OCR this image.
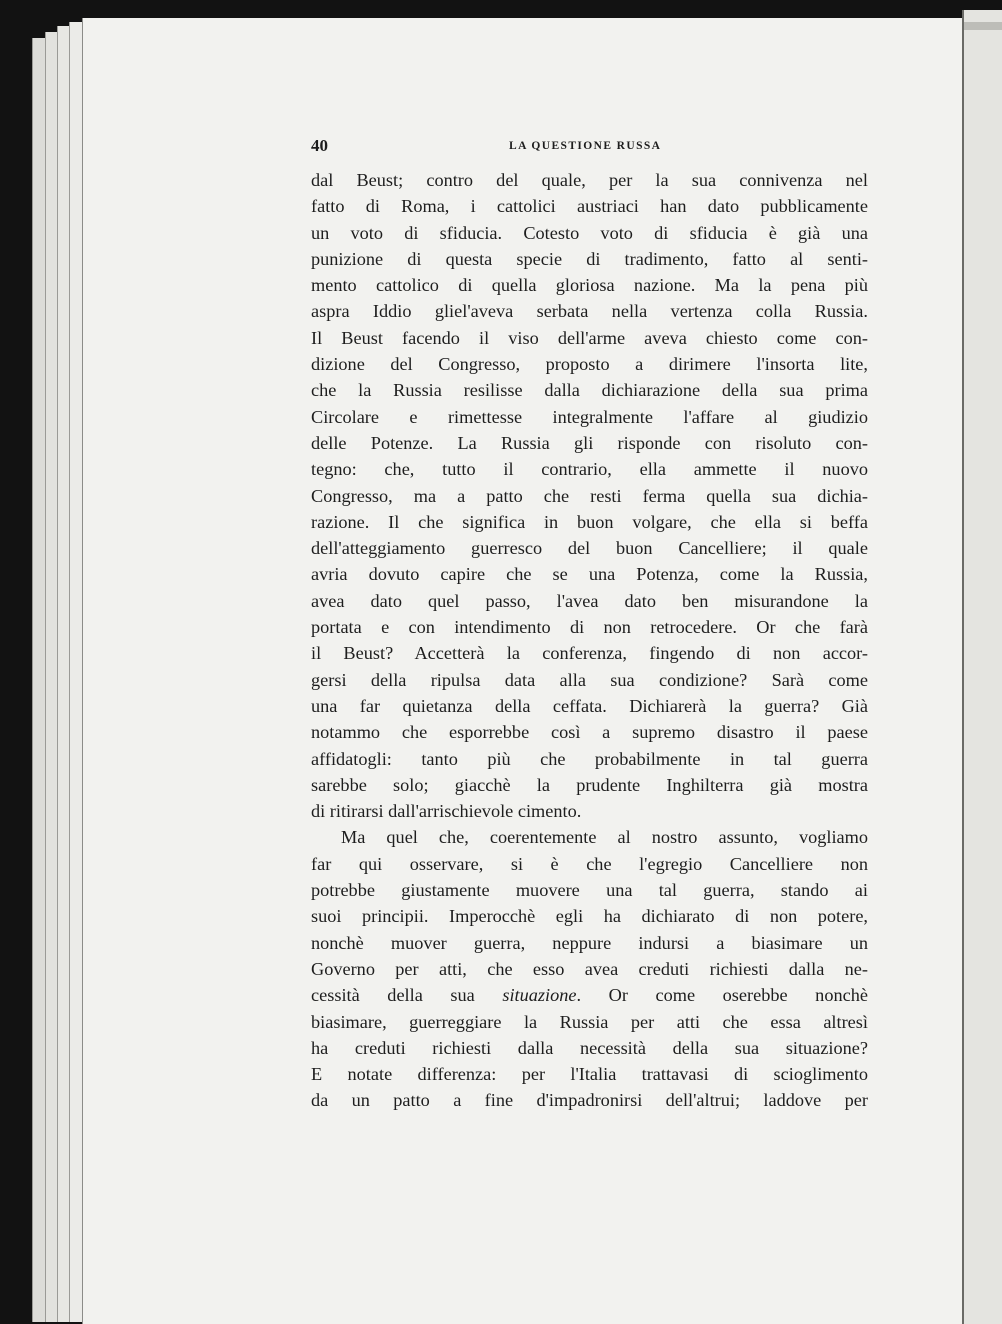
40	LA QUESTIONE RUSSA
dal Beust; contro del quale, per la sua connivenza nel
fatto di Roma, i cattolici austriaci han dato pubblicamente
un voto di sfiducia. Cotesto voto di sfiducia è già una
punizione di questa specie di tradimento, fatto al senti-
mento cattolico di quella gloriosa nazione. Ma la pena più
aspra Iddio gliel'aveva serbata nella vertenza colla Russia.
Il Beust facendo il viso dell'arme aveva chiesto come con-
dizione del Congresso, proposto a dirimere l'insorta lite,
che la Russia resilisse dalla dichiarazione della sua prima
Circolare e rimettesse integralmente l'affare al giudizio
delle Potenze. La Russia gli risponde con risoluto con-
tegno: che, tutto il contrario, ella ammette il nuovo
Congresso, ma a patto che resti ferma quella sua dichia-
razione. Il che significa in buon volgare, che ella si beffa
dell'atteggiamento guerresco del buon Cancelliere; il quale
avria dovuto capire che se una Potenza, come la Russia,
avea dato quel passo, l'avea dato ben misurandone la
portata e con intendimento di non retrocedere. Or che farà
il Beust? Accetterà la conferenza, fingendo di non accor-
gersi della ripulsa data alla sua condizione? Sarà come
una far quietanza della ceffata. Dichiarerà la guerra? Già
notammo che esporrebbe così a supremo disastro il paese
affidatogli: tanto più che probabilmente in tal guerra
sarebbe solo; giacchè la prudente Inghilterra già mostra
di ritirarsi dall'arrischievole cimento.
Ma quel che, coerentemente al nostro assunto, vogliamo
far qui osservare, si è che l'egregio Cancelliere non
potrebbe giustamente muovere una tal guerra, stando ai
suoi principii. Imperocchè egli ha dichiarato di non potere,
nonchè muover guerra, neppure indursi a biasimare un
Governo per atti, che esso avea creduti richiesti dalla ne-
cessità della sua situazione. Or come oserebbe nonchè
biasimare, guerreggiare la Russia per atti che essa altresì
ha creduti richiesti dalla necessità della sua situazione?
E notate differenza: per l'Italia trattavasi di scioglimento
da un patto a fine d'impadronirsi dell'altrui; laddove per
